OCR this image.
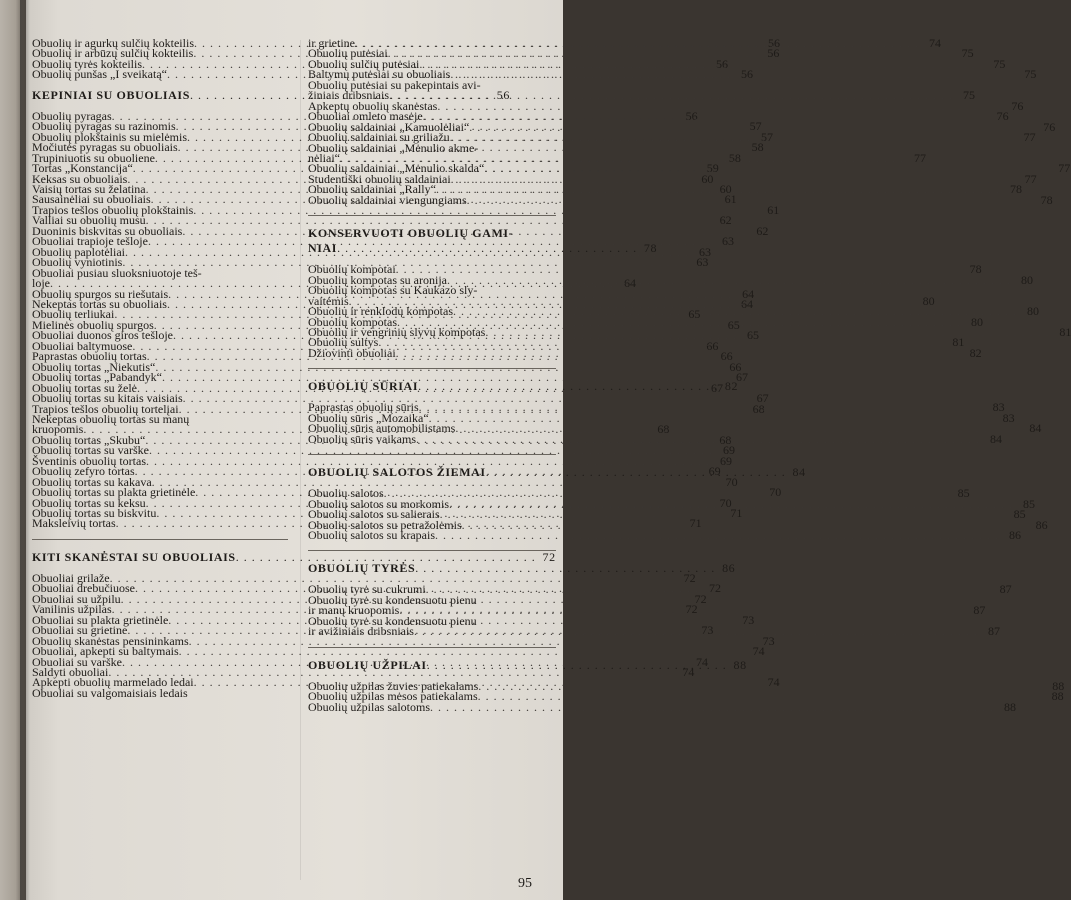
Obuolių ir agurkų sulčių kokteilis . . .	56
Obuolių ir arbūzų sulčių kokteilis . . .	56
Obuolių tyrės kokteilis . . .	56
Obuolių punšas „I sveikatą“ . . .	56
KEPINIAI SU OBUOLIAIS . . .	56
Obuolių pyragas . . .	56
Obuolių pyragas su razinomis . . .	57
Obuolių plokštainis su mielėmis . . .	57
Močiutės pyragas su obuoliais . . .	58
Trupiniuotis su obuoliene . . .	58
Tortas „Konstancija“ . . .	59
Keksas su obuoliais . . .	60
Vaisių tortas su želatina . . .	60
Sausainėliai su obuoliais . . .	61
Trapios tešlos obuolių plokštainis . . .	61
Valliai su obuolių musu . . .	62
Duoninis biskvitas su obuoliais . . .	62
Obuoliai trapioje tešloje . . .	63
Obuolių paplotėliai . . .	63
Obuolių vyniotinis . . .	63
Obuoliai pusiau sluoksniuotoje teš-
loje . . .	64
Obuolių spurgos su riešutais . . .	64
Nekeptas tortas su obuoliais . . .	64
Obuolių terliukai . . .	65
Mielinės obuolių spurgos . . .	65
Obuoliai duonos giros tešloje . . .	65
Obuoliai baltymuose . . .	66
Paprastas obuolių tortas . . .	66
Obuolių tortas „Niekutis“ . . .	66
Obuolių tortas „Pabandyk“ . . .	67
Obuolių tortas su želė . . .	67
Obuolių tortas su kitais vaisiais . . .	67
Trapios tešlos obuolių tortelįai . . .	68
Nekeptas obuolių tortas su manų
kruopomis . . .	68
Obuolių tortas „Skubu“ . . .	68
Obuolių tortas su varške . . .	69
Šventinis obuolių tortas . . .	69
Obuolių zefyro tortas . . .	69
Obuolių tortas su kakava . . .	70
Obuolių tortas su plakta grietinėle . . .	70
Obuolių tortas su keksu . . .	70
Obuolių tortas su biskvitu . . .	71
Maksleivių tortas . . .	71
KITI SKANĖSTAI SU OBUOLIAIS . . .	72
Obuoliai grilaže . . .	72
Obuoliai drebučiuose . . .	72
Obuoliai su užpilu . . .	72
Vanilinis užpilas . . .	72
Obuoliai su plakta grietinėle . . .	73
Obuoliai su grietine . . .	73
Obuolių skanėstas pensininkams . . .	73
Obuoliai, apkepti su baltymais . . .	74
Obuoliai su varške . . .	74
Saldyti obuoliai . . .	74
Apkepti obuolių marmelado ledai . . .	74
Obuoliai su valgomaisiais ledais
ir grietine . . .	74
Obuolių putėsiai . . .	75
Obuolių sulčių putėsiai . . .	75
Baltymų putėsiai su obuoliais . . .	75
Obuolių putėsiai su pakepintais avi-
žiniais dribsniais . . .	75
Apkeptų obuolių skanėstas . . .	76
Obuoliai omleto masėje . . .	76
Obuolių saldainiai „Kamuolėliai“ . . .	76
Obuolių saldainiai su griliažu . . .	77
Obuolių saldainiai „Mėnulio akme-
nėliai“ . . .	77
Obuolių saldainiai „Mėnulio skalda“ . . .	77
Studentiški obuolių saldainiai . . .	77
Obuolių saldainiai „Rally“ . . .	78
Obuolių saldainiai viengungiams . . .	78
KONSERVUOTI OBUOLIŲ GAMI-
NIAI . . .	78
Obuolių kompotai . . .	78
Obuolių kompotas su aronija . . .	80
Obuolių kompotas su Kaukazo sly-
vaitėmis . . .	80
Obuolių ir renklodų kompotas . . .	80
Obuolių kompotas . . .	80
Obuolių ir vengrinių slyvų kompotas . . .	81
Obuolių sultys . . .	81
Džiovinti obuoliai . . .	82
OBUOLIŲ SŪRIAI . . .	82
Paprastas obuolių sūris . . .	83
Obuolių sūris „Mozaika“ . . .	83
Obuolių sūris automobilistams . . .	84
Obuolių sūris vaikams . . .	84
OBUOLIŲ SALOTOS ŽIEMAI . . .	84
Obuolių salotos . . .	85
Obuolių salotos su morkomis . . .	85
Obuolių salotos su salierais . . .	85
Obuolių salotos su petražolėmis . . .	86
Obuolių salotos su krapais . . .	86
OBUOLIŲ TYRĖS . . .	86
Obuolių tyrė su cukrumi . . .	87
Obuolių tyrė su kondensuotu pienu
ir manų kruopomis . . .	87
Obuolių tyrė su kondensuotu pienu
ir avižiniais dribsniais . . .	87
OBUOLIŲ UŽPILAI . . .	88
Obuolių užpilas žuvies patiekalams . . .	88
Obuolių užpilas mėsos patiekalams . . .	88
Obuolių užpilas salotoms . . .	88
95
